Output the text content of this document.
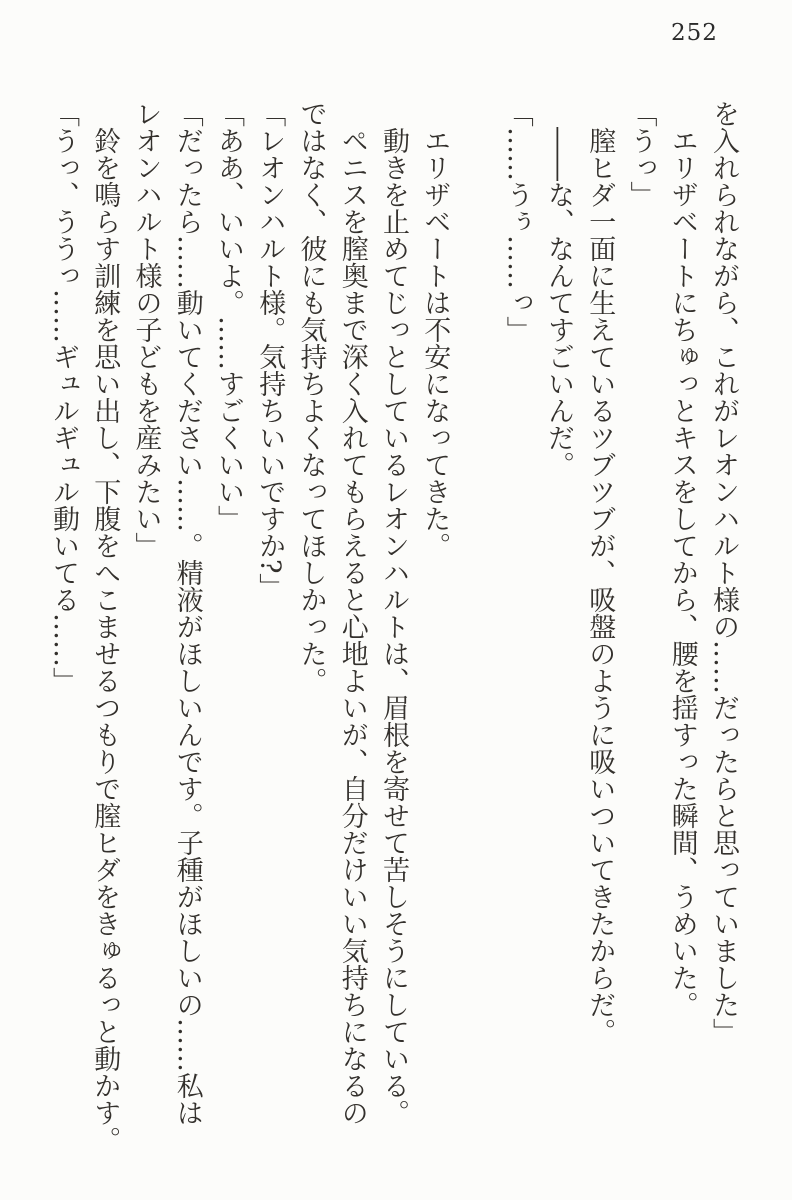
252

を入れられながら、これがレオンハルト様の……だったらと思っていました」

エリザベートにちゅっとキスをしてから、腰を揺すった瞬間、うめいた。

「うっ」

膣ヒダ一面に生えているツブツブが、吸盤のように吸いついてきたからだ。

――な、なんてすごいんだ。

「……うぅ……っ」

エリザベートは不安になってきた。

動きを止めてじっとしているレオンハルトは、眉根を寄せて苦しそうにしている。

ペニスを膣奥まで深く入れてもらえると心地よいが、自分だけいい気持ちになるの

ではなく、彼にも気持ちよくなってほしかった。

「レオンハルト様。気持ちいいですか?」

「ああ、いいよ。……すごくいい」

「だったら……動いてください……。精液がほしいんです。子種がほしいの……私は

レオンハルト様の子どもを産みたい」

鈴を鳴らす訓練を思い出し、下腹をへこませるつもりで膣ヒダをきゅるっと動かす。

「うっ、ううっ……ギュルギュル動いてる……」
